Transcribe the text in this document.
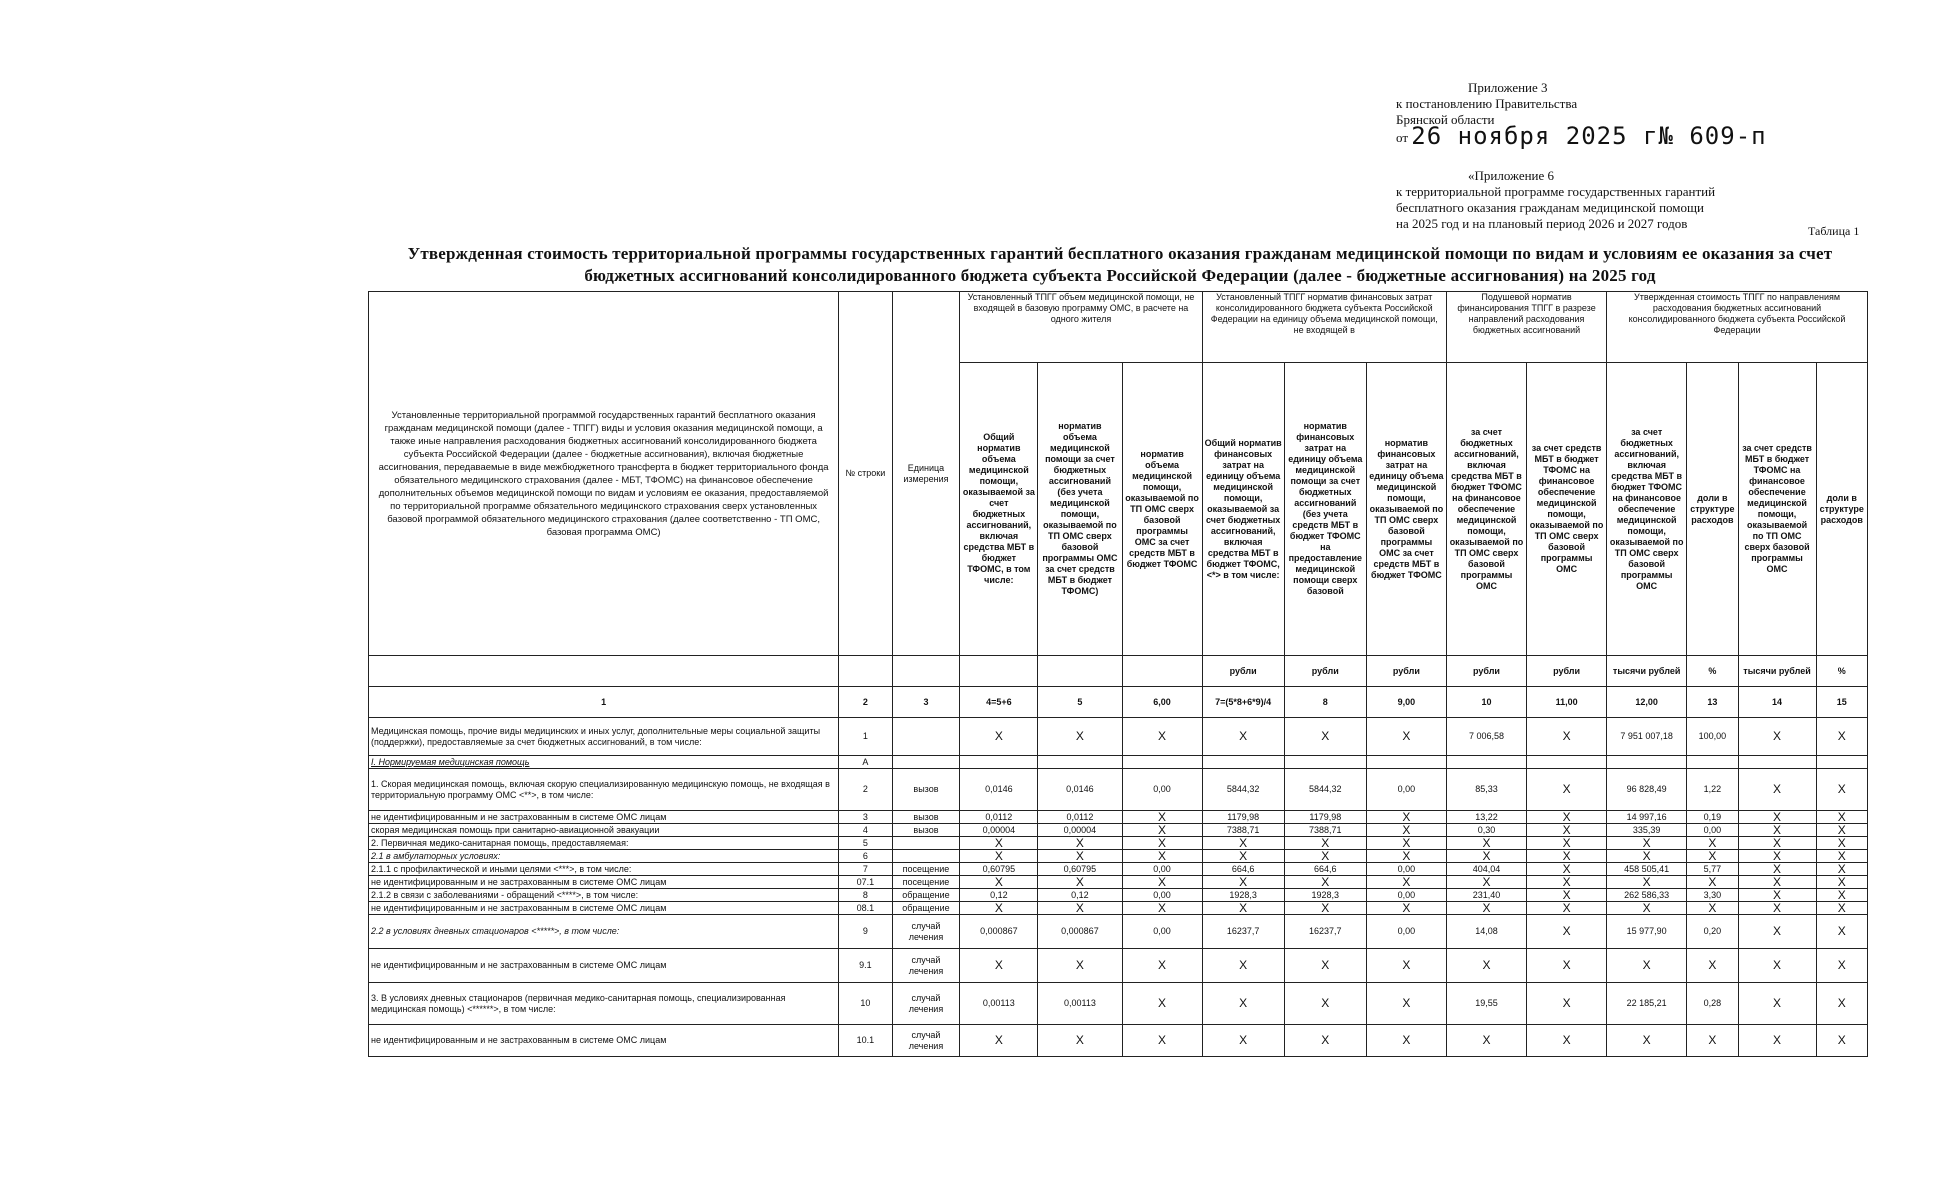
Приложение 3
к постановлению Правительства
Брянской области
от 26 ноября 2025 г№ 609-п
«Приложение 6
к территориальной программе государственных гарантий
бесплатного оказания гражданам медицинской помощи
на 2025 год и на плановый период 2026 и 2027 годов	Таблица 1
Утвержденная стоимость территориальной программы государственных гарантий бесплатного оказания гражданам медицинской помощи по видам и условиям ее оказания за счет бюджетных ассигнований консолидированного бюджета субъекта Российской Федерации (далее - бюджетные ассигнования) на 2025 год
Установленные территориальной программой государственных гарантий бесплатного оказания гражданам медицинской помощи (далее - ТПГГ) виды и условия оказания медицинской помощи, а также иные направления расходования бюджетных ассигнований консолидированного бюджета субъекта Российской Федерации (далее - бюджетные ассигнования), включая бюджетные ассигнования, передаваемые в виде межбюджетного трансферта в бюджет территориального фонда обязательного медицинского страхования (далее - МБТ, ТФОМС) на финансовое обеспечение дополнительных объемов медицинской помощи по видам и условиям ее оказания, предоставляемой по территориальной программе обязательного медицинского страхования сверх установленных базовой программой обязательного медицинского страхования (далее соответственно - ТП ОМС, базовая программа ОМС)	№ строки	Единица измерения	Установленный ТПГГ объем медицинской помощи, не входящей в базовую программу ОМС, в расчете на одного жителя			Установленный ТПГГ норматив финансовых затрат консолидированного бюджета субъекта Российской Федерации на единицу объема медицинской помощи, не входящей в			Подушевой норматив финансирования ТПГГ в разрезе направлений расходования бюджетных ассигнований		Утвержденная стоимость ТПГГ по направлениям расходования бюджетных ассигнований консолидированного бюджета субъекта Российской Федерации			
			Общий норматив объема медицинской помощи, оказываемой за счет бюджетных ассигнований, включая средства МБТ в бюджет ТФОМС, в том числе:	норматив объема медицинской помощи за счет бюджетных ассигнований (без учета медицинской помощи, оказываемой по ТП ОМС сверх базовой программы ОМС за счет средств МБТ в бюджет ТФОМС)	норматив объема медицинской помощи, оказываемой по ТП ОМС сверх базовой программы ОМС за счет средств МБТ в бюджет ТФОМС	Общий норматив финансовых затрат на единицу объема медицинской помощи, оказываемой за счет бюджетных ассигнований, включая средства МБТ в бюджет ТФОМС, <*> в том числе:	норматив финансовых затрат на единицу объема медицинской помощи за счет бюджетных ассигнований (без учета средств МБТ в бюджет ТФОМС на предоставление медицинской помощи сверх базовой	норматив финансовых затрат на единицу объема медицинской помощи, оказываемой по ТП ОМС сверх базовой программы ОМС за счет средств МБТ в бюджет ТФОМС	за счет бюджетных ассигнований, включая средства МБТ в бюджет ТФОМС на финансовое обеспечение медицинской помощи, оказываемой по ТП ОМС сверх базовой программы ОМС	за счет средств МБТ в бюджет ТФОМС на финансовое обеспечение медицинской помощи, оказываемой по ТП ОМС сверх базовой программы ОМС	за счет бюджетных ассигнований, включая средства МБТ в бюджет ТФОМС на финансовое обеспечение медицинской помощи, оказываемой по ТП ОМС сверх базовой программы ОМС	доли в структуре расходов	за счет средств МБТ в бюджет ТФОМС на финансовое обеспечение медицинской помощи, оказываемой по ТП ОМС сверх базовой программы ОМС	доли в структуре расходов
						рубли	рубли	рубли	рубли	рубли	тысячи рублей	%	тысячи рублей	%
1	2	3	4=5+6	5	6,00	7=(5*8+6*9)/4	8	9,00	10	11,00	12,00	13	14	15
Медицинская помощь, прочие виды медицинских и иных услуг, дополнительные меры социальной защиты (поддержки), предоставляемые за счет бюджетных ассигнований, в том числе:	1		X	X	X	X	X	X	7 006,58	X	7 951 007,18	100,00	X	X
I. Нормируемая медицинская помощь	А													
1. Скорая медицинская помощь, включая скорую специализированную медицинскую помощь, не входящая в территориальную программу ОМС <**>, в том числе:	2	вызов	0,0146	0,0146	0,00	5844,32	5844,32	0,00	85,33	X	96 828,49	1,22	X	X
не идентифицированным и не застрахованным в системе ОМС лицам	3	вызов	0,0112	0,0112	X	1179,98	1179,98	X	13,22	X	14 997,16	0,19	X	X
скорая медицинская помощь при санитарно-авиационной эвакуации	4	вызов	0,00004	0,00004	X	7388,71	7388,71	X	0,30	X	335,39	0,00	X	X
2. Первичная медико-санитарная помощь, предоставляемая:	5		X	X	X	X	X	X	X	X	X	X	X	X
2.1 в амбулаторных условиях:	6		X	X	X	X	X	X	X	X	X	X	X	X
2.1.1 с профилактической и иными целями <***>, в том числе:	7	посещение	0,60795	0,60795	0,00	664,6	664,6	0,00	404,04	X	458 505,41	5,77	X	X
не идентифицированным и не застрахованным в системе ОМС лицам	07.1	посещение	X	X	X	X	X	X	X	X	X	X	X	X
2.1.2 в связи с заболеваниями - обращений <****>, в том числе:	8	обращение	0,12	0,12	0,00	1928,3	1928,3	0,00	231,40	X	262 586,33	3,30	X	X
не идентифицированным и не застрахованным в системе ОМС лицам	08.1	обращение	X	X	X	X	X	X	X	X	X	X	X	X
2.2 в условиях дневных стационаров <*****>, в том числе:	9	случай лечения	0,000867	0,000867	0,00	16237,7	16237,7	0,00	14,08	X	15 977,90	0,20	X	X
не идентифицированным и не застрахованным в системе ОМС лицам	9.1	случай лечения	X	X	X	X	X	X	X	X	X	X	X	X
3. В условиях дневных стационаров (первичная медико-санитарная помощь, специализированная медицинская помощь) <******>, в том числе:	10	случай лечения	0,00113	0,00113	X	X	X	X	19,55	X	22 185,21	0,28	X	X
не идентифицированным и не застрахованным в системе ОМС лицам	10.1	случай лечения	X	X	X	X	X	X	X	X	X	X	X	X
